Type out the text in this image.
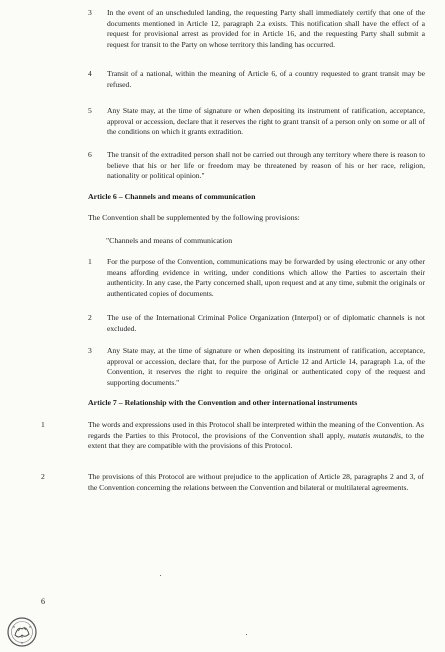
3 In the event of an unscheduled landing, the requesting Party shall immediately certify that one of the documents mentioned in Article 12, paragraph 2.a exists. This notification shall have the effect of a request for provisional arrest as provided for in Article 16, and the requesting Party shall submit a request for transit to the Party on whose territory this landing has occurred.
4 Transit of a national, within the meaning of Article 6, of a country requested to grant transit may be refused.
5 Any State may, at the time of signature or when depositing its instrument of ratification, acceptance, approval or accession, declare that it reserves the right to grant transit of a person only on some or all of the conditions on which it grants extradition.
6 The transit of the extradited person shall not be carried out through any territory where there is reason to believe that his or her life or freedom may be threatened by reason of his or her race, religion, nationality or political opinion."
Article 6 – Channels and means of communication
The Convention shall be supplemented by the following provisions:
"Channels and means of communication
1 For the purpose of the Convention, communications may be forwarded by using electronic or any other means affording evidence in writing, under conditions which allow the Parties to ascertain their authenticity. In any case, the Party concerned shall, upon request and at any time, submit the originals or authenticated copies of documents.
2 The use of the International Criminal Police Organization (Interpol) or of diplomatic channels is not excluded.
3 Any State may, at the time of signature or when depositing its instrument of ratification, acceptance, approval or accession, declare that, for the purpose of Article 12 and Article 14, paragraph 1.a, of the Convention, it reserves the right to require the original or authenticated copy of the request and supporting documents."
Article 7 – Relationship with the Convention and other international instruments
1	The words and expressions used in this Protocol shall be interpreted within the meaning of the Convention. As regards the Parties to this Protocol, the provisions of the Convention shall apply, mutatis mutandis, to the extent that they are compatible with the provisions of this Protocol.
2	The provisions of this Protocol are without prejudice to the application of Article 28, paragraphs 2 and 3, of the Convention concerning the relations between the Convention and bilateral or multilateral agreements.
6
